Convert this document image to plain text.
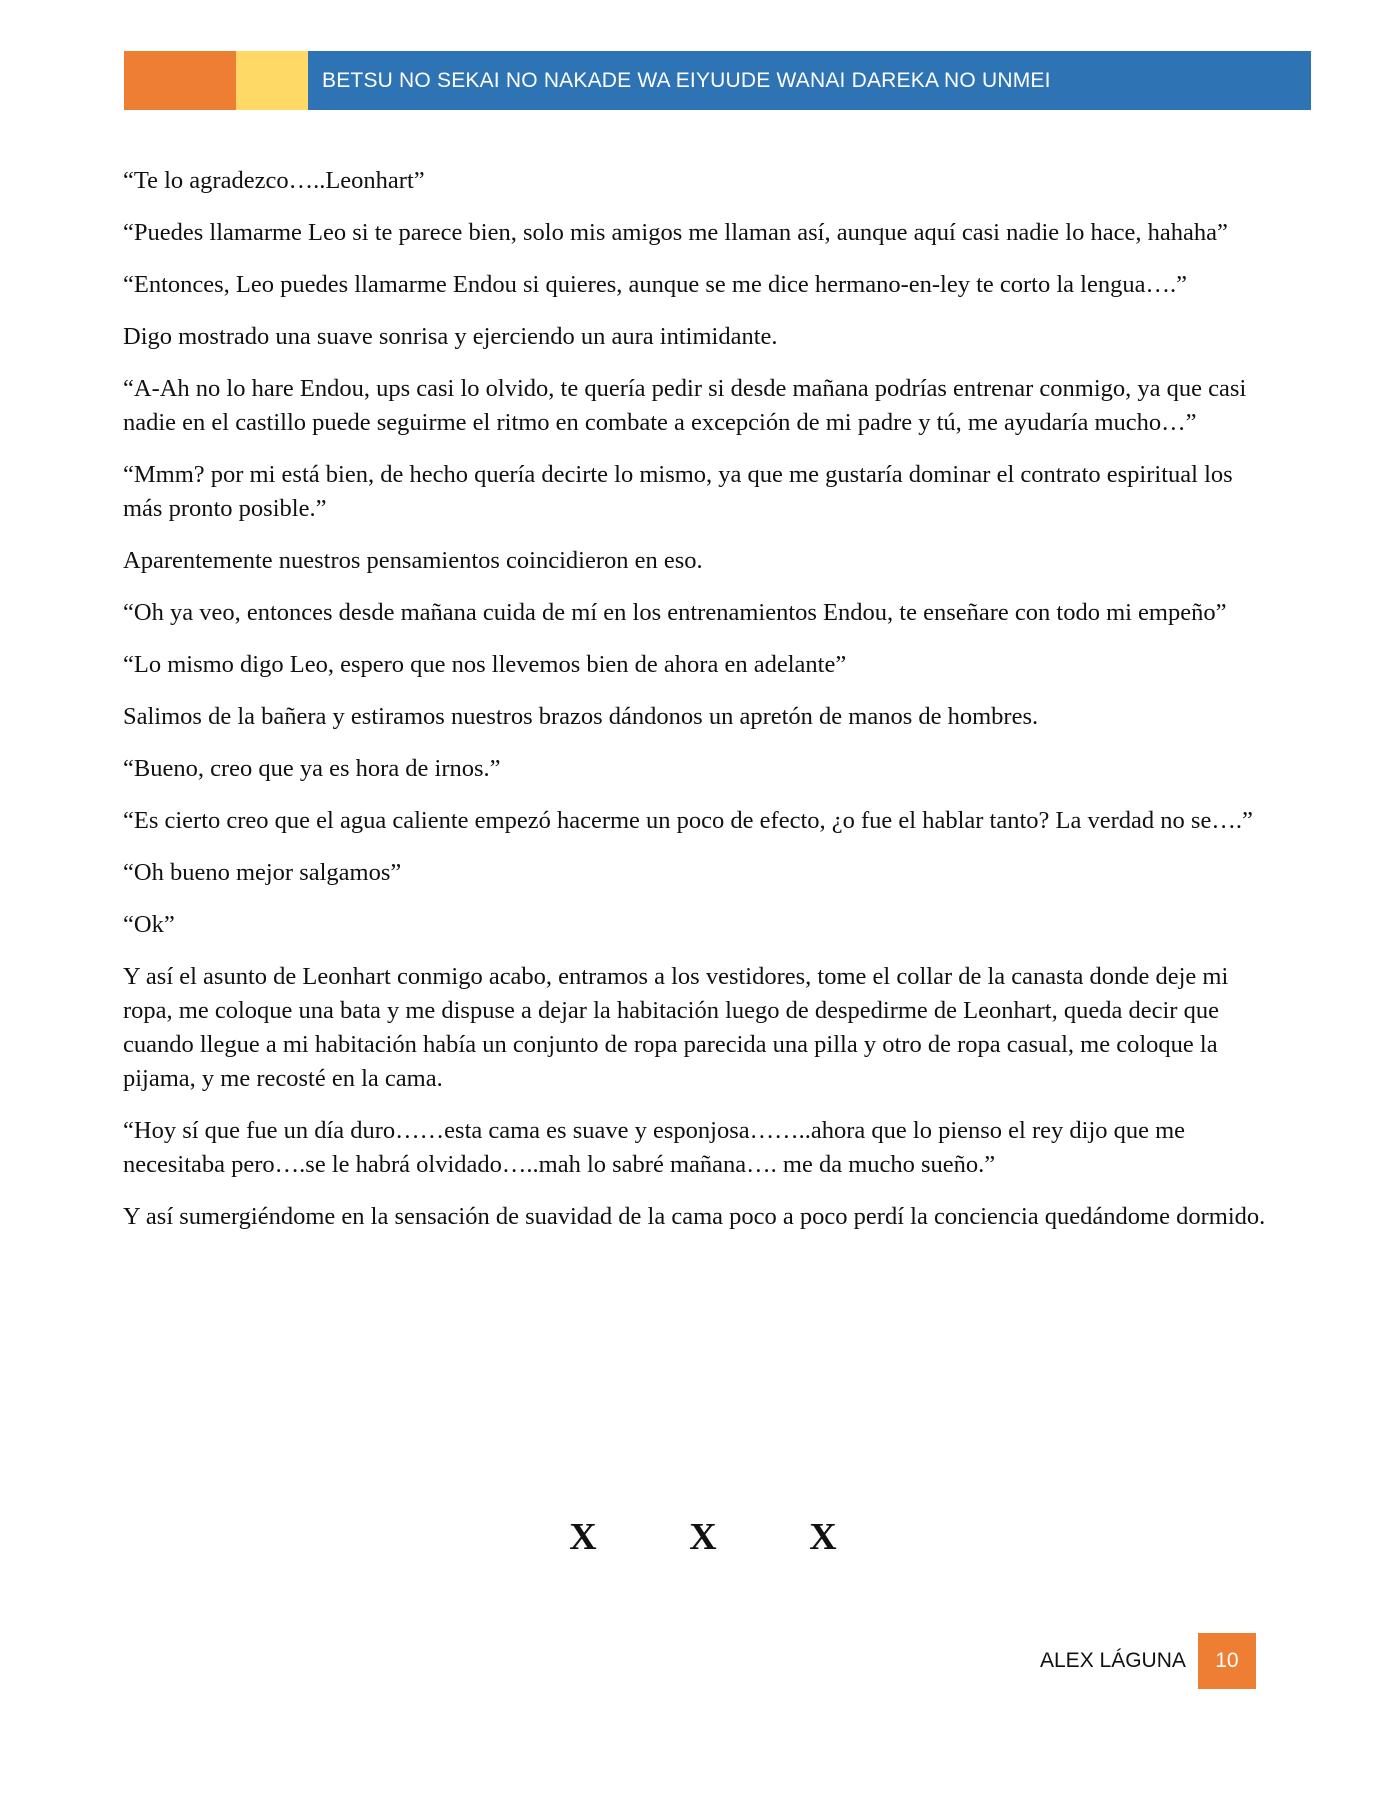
BETSU NO SEKAI NO NAKADE WA EIYUUDE WANAI DAREKA NO UNMEI

“Te lo agradezco…..Leonhart”

“Puedes llamarme Leo si te parece bien, solo mis amigos me llaman así, aunque aquí casi nadie lo hace, hahaha”

“Entonces, Leo puedes llamarme Endou si quieres, aunque se me dice hermano-en-ley te corto la lengua….”

Digo mostrado una suave sonrisa y ejerciendo un aura intimidante.

“A-Ah no lo hare Endou, ups casi lo olvido, te quería pedir si desde mañana podrías entrenar conmigo, ya que casi nadie en el castillo puede seguirme el ritmo en combate a excepción de mi padre y tú, me ayudaría mucho…”

“Mmm? por mi está bien, de hecho quería decirte lo mismo, ya que me gustaría dominar el contrato espiritual los más pronto posible.”

Aparentemente nuestros pensamientos coincidieron en eso.

“Oh ya veo, entonces desde mañana cuida de mí en los entrenamientos Endou, te enseñare con todo mi empeño”

“Lo mismo digo Leo, espero que nos llevemos bien de ahora en adelante”

Salimos de la bañera y estiramos nuestros brazos dándonos un apretón de manos de hombres.

“Bueno, creo que ya es hora de irnos.”

“Es cierto creo que el agua caliente empezó hacerme un poco de efecto, ¿o fue el hablar tanto? La verdad no se….”

“Oh bueno mejor salgamos”

“Ok”

Y así el asunto de Leonhart conmigo acabo, entramos a los vestidores, tome el collar de la canasta donde deje mi ropa, me coloque una bata y me dispuse a dejar la habitación luego de despedirme de Leonhart, queda decir que cuando llegue a mi habitación había un conjunto de ropa parecida una pilla y otro de ropa casual, me coloque la pijama, y me recosté en la cama.

“Hoy sí que fue un día duro……esta cama es suave y esponjosa……..ahora que lo pienso el rey dijo que me necesitaba pero….se le habrá olvidado…..mah lo sabré mañana…. me da mucho sueño.”

Y así sumergiéndome en la sensación de suavidad de la cama poco a poco perdí la conciencia quedándome dormido.

X X X
ALEX LÁGUNA	10
